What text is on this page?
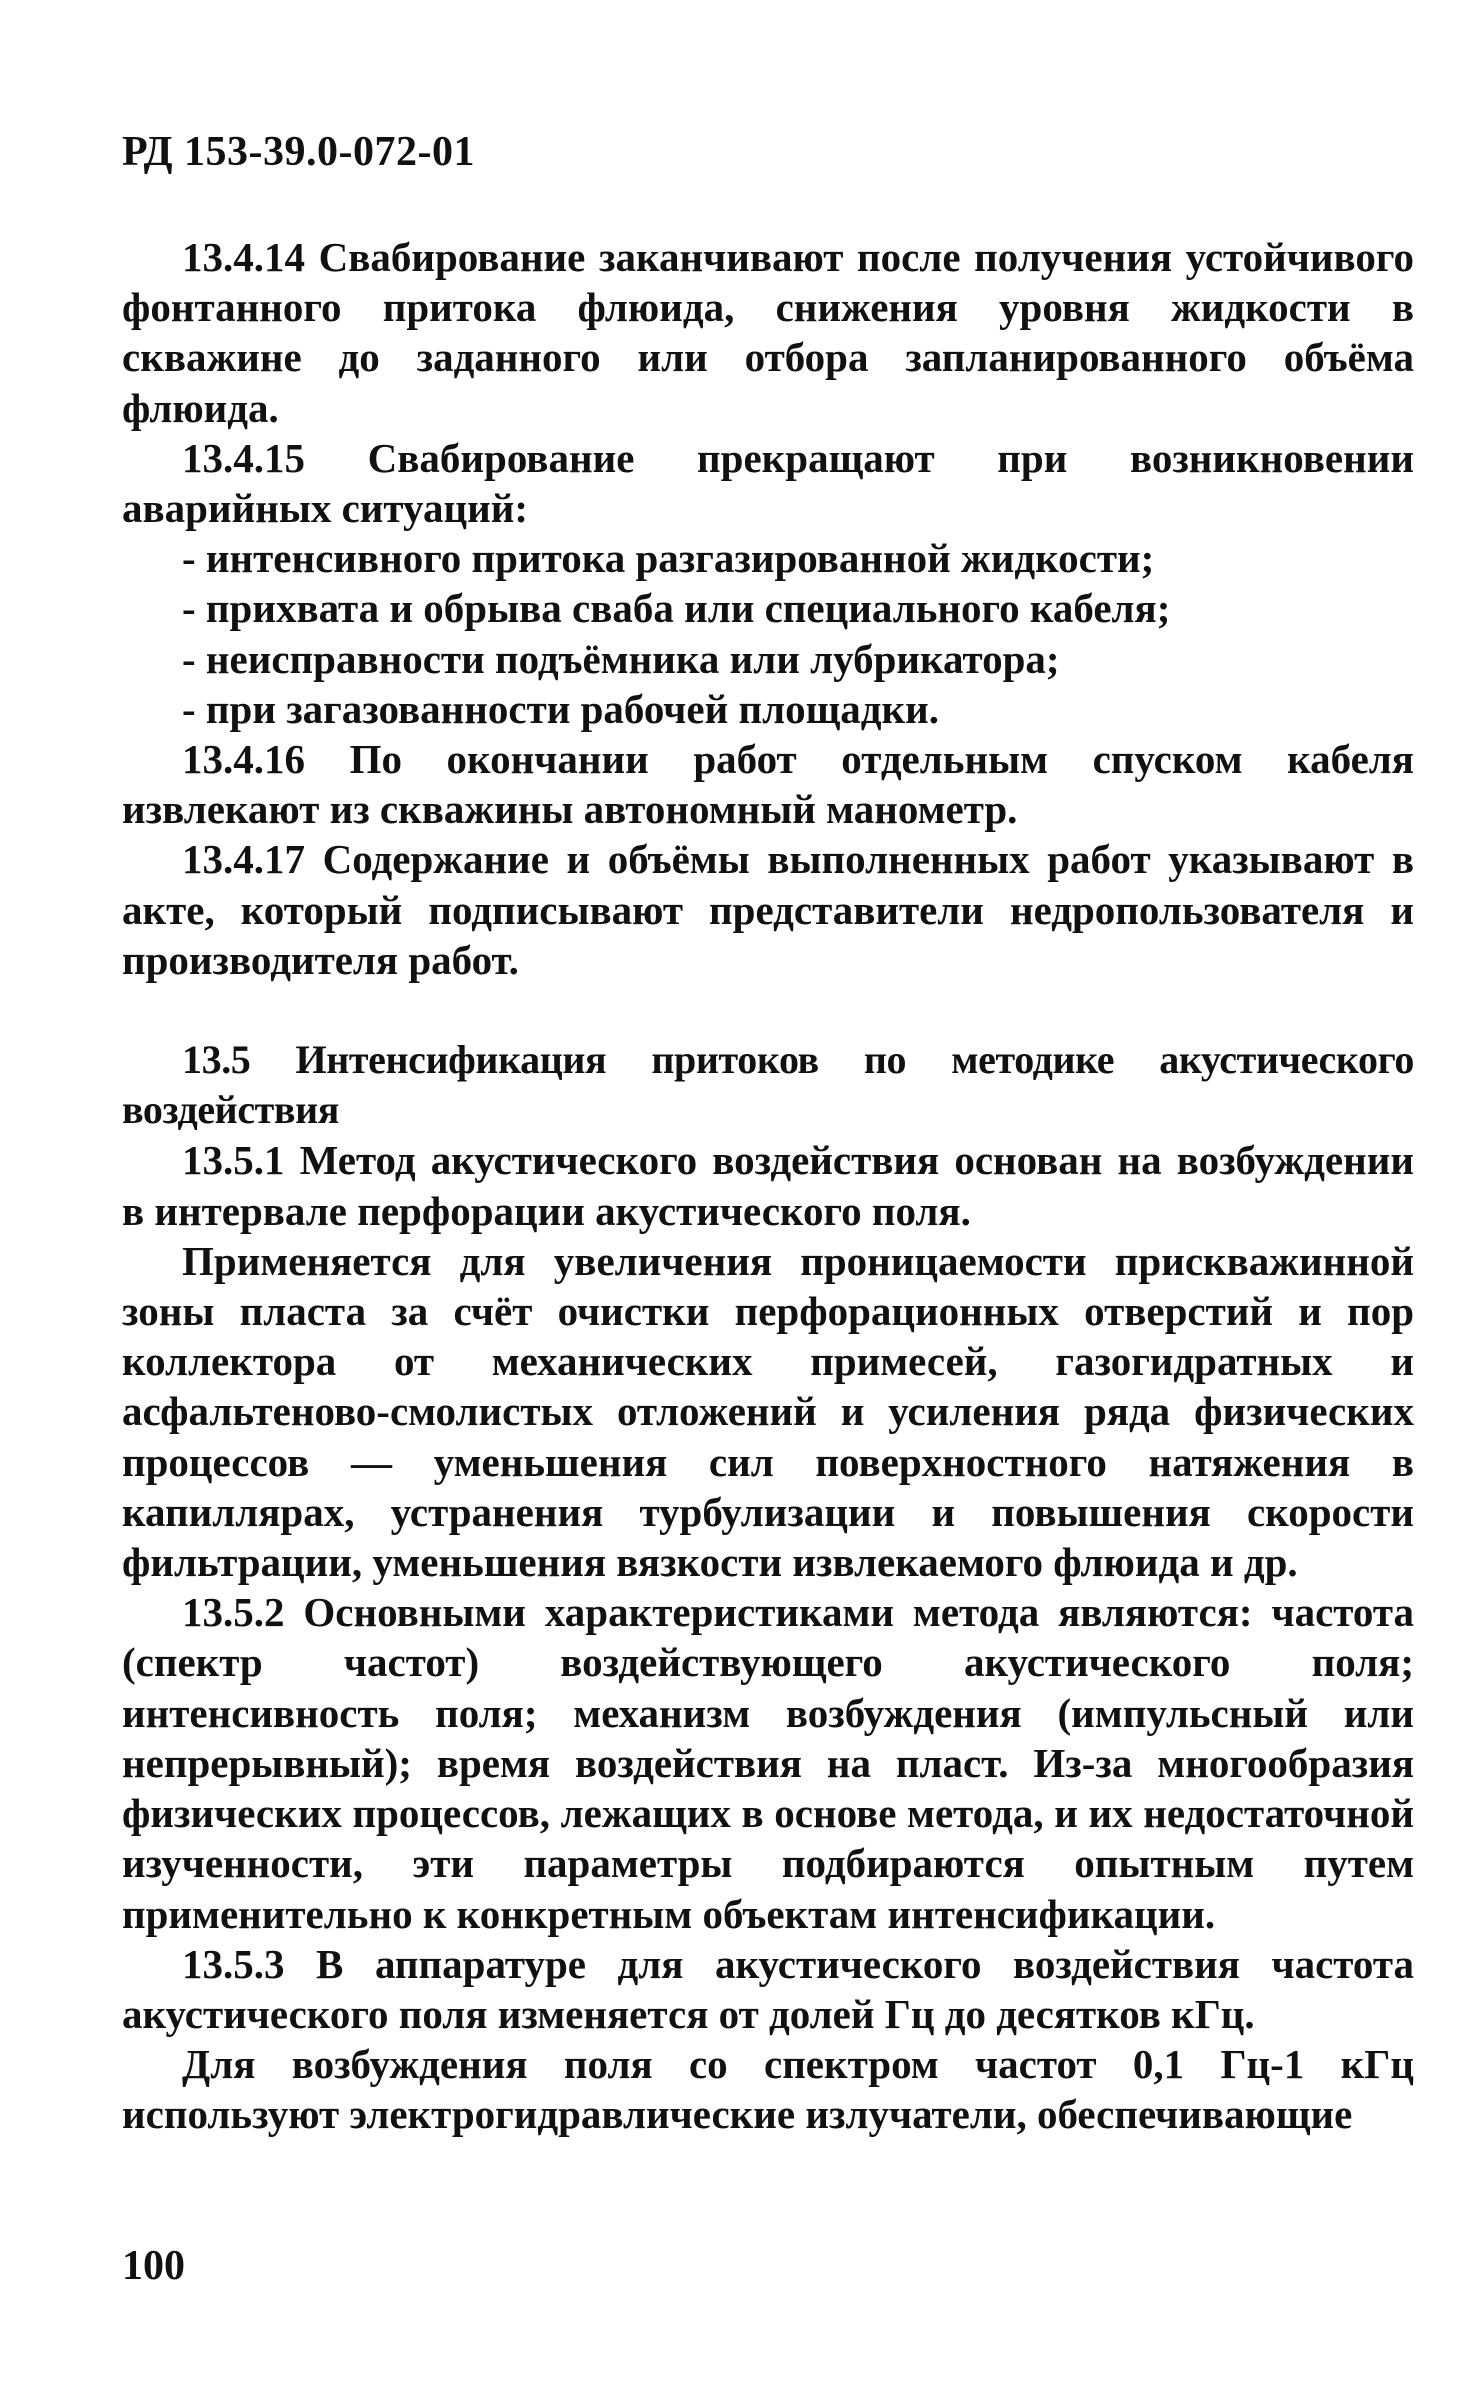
РД 153-39.0-072-01

13.4.14 Свабирование заканчивают после получения устойчивого фонтанного притока флюида, снижения уровня жидкости в скважине до заданного или отбора запланированного объёма флюида.

13.4.15 Свабирование прекращают при возникновении аварийных ситуаций:

- интенсивного притока разгазированной жидкости;

- прихвата и обрыва сваба или специального кабеля;

- неисправности подъёмника или лубрикатора;

- при загазованности рабочей площадки.

13.4.16 По окончании работ отдельным спуском кабеля извлекают из скважины автономный манометр.

13.4.17 Содержание и объёмы выполненных работ указывают в акте, который подписывают представители недропользователя и производителя работ.

13.5 Интенсификация притоков по методике акустического воздействия

13.5.1 Метод акустического воздействия основан на возбуждении в интервале перфорации акустического поля.

Применяется для увеличения проницаемости прискважинной зоны пласта за счёт очистки перфорационных отверстий и пор коллектора от механических примесей, газогидратных и асфальтеново-смолистых отложений и усиления ряда физических процессов — уменьшения сил поверхностного натяжения в капиллярах, устранения турбулизации и повышения скорости фильтрации, уменьшения вязкости извлекаемого флюида и др.

13.5.2 Основными характеристиками метода являются: частота (спектр частот) воздействующего акустического поля; интенсивность поля; механизм возбуждения (импульсный или непрерывный); время воздействия на пласт. Из-за многообразия физических процессов, лежащих в основе метода, и их недостаточной изученности, эти параметры подбираются опытным путем применительно к конкретным объектам интенсификации.

13.5.3 В аппаратуре для акустического воздействия частота акустического поля изменяется от долей Гц до десятков кГц.

Для возбуждения поля со спектром частот 0,1 Гц-1 кГц используют электрогидравлические излучатели, обеспечивающие

100
